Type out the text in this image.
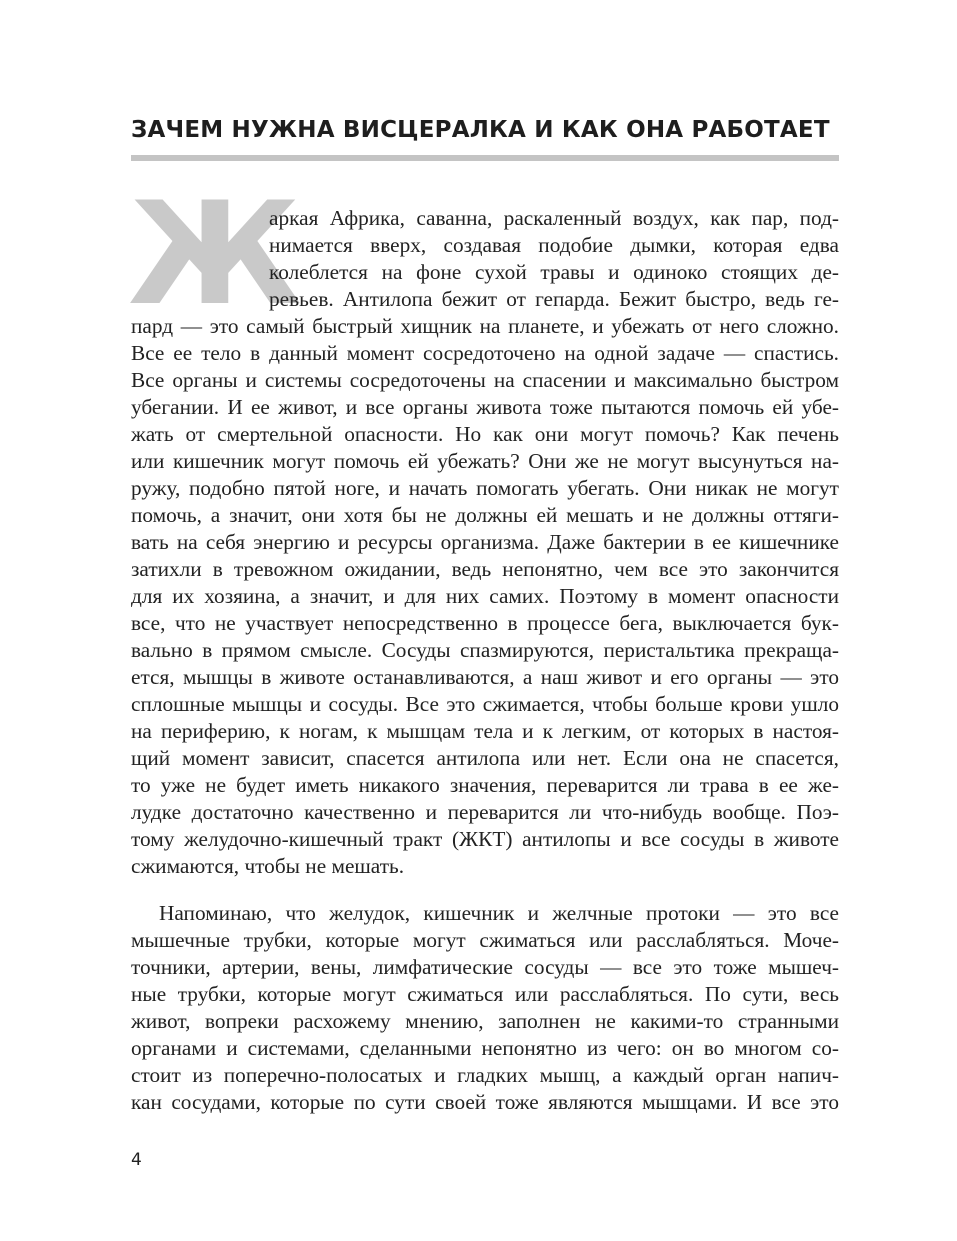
ЗАЧЕМ НУЖНА ВИСЦЕРАЛКА И КАК ОНА РАБОТАЕТ
Ж
аркая Африка, саванна, раскаленный воздух, как пар, под-
нимается вверх, создавая подобие дымки, которая едва
колеблется на фоне сухой травы и одиноко стоящих де-
ревьев. Антилопа бежит от гепарда. Бежит быстро, ведь ге-
пард — это самый быстрый хищник на планете, и убежать от него сложно.
Все ее тело в данный момент сосредоточено на одной задаче — спастись.
Все органы и системы сосредоточены на спасении и максимально быстром
убегании. И ее живот, и все органы живота тоже пытаются помочь ей убе-
жать от смертельной опасности. Но как они могут помочь? Как печень
или кишечник могут помочь ей убежать? Они же не могут высунуться на-
ружу, подобно пятой ноге, и начать помогать убегать. Они никак не могут
помочь, а значит, они хотя бы не должны ей мешать и не должны оттяги-
вать на себя энергию и ресурсы организма. Даже бактерии в ее кишечнике
затихли в тревожном ожидании, ведь непонятно, чем все это закончится
для их хозяина, а значит, и для них самих. Поэтому в момент опасности
все, что не участвует непосредственно в процессе бега, выключается бук-
вально в прямом смысле. Сосуды спазмируются, перистальтика прекраща-
ется, мышцы в животе останавливаются, а наш живот и его органы — это
сплошные мышцы и сосуды. Все это сжимается, чтобы больше крови ушло
на периферию, к ногам, к мышцам тела и к легким, от которых в настоя-
щий момент зависит, спасется антилопа или нет. Если она не спасется,
то уже не будет иметь никакого значения, переварится ли трава в ее же-
лудке достаточно качественно и переварится ли что-нибудь вообще. Поэ-
тому желудочно-кишечный тракт (ЖКТ) антилопы и все сосуды в животе
сжимаются, чтобы не мешать.
Напоминаю, что желудок, кишечник и желчные протоки — это все
мышечные трубки, которые могут сжиматься или расслабляться. Моче-
точники, артерии, вены, лимфатические сосуды — все это тоже мышеч-
ные трубки, которые могут сжиматься или расслабляться. По сути, весь
живот, вопреки расхожему мнению, заполнен не какими-то странными
органами и системами, сделанными непонятно из чего: он во многом со-
стоит из поперечно-полосатых и гладких мышц, а каждый орган напич-
кан сосудами, которые по сути своей тоже являются мышцами. И все это
4
